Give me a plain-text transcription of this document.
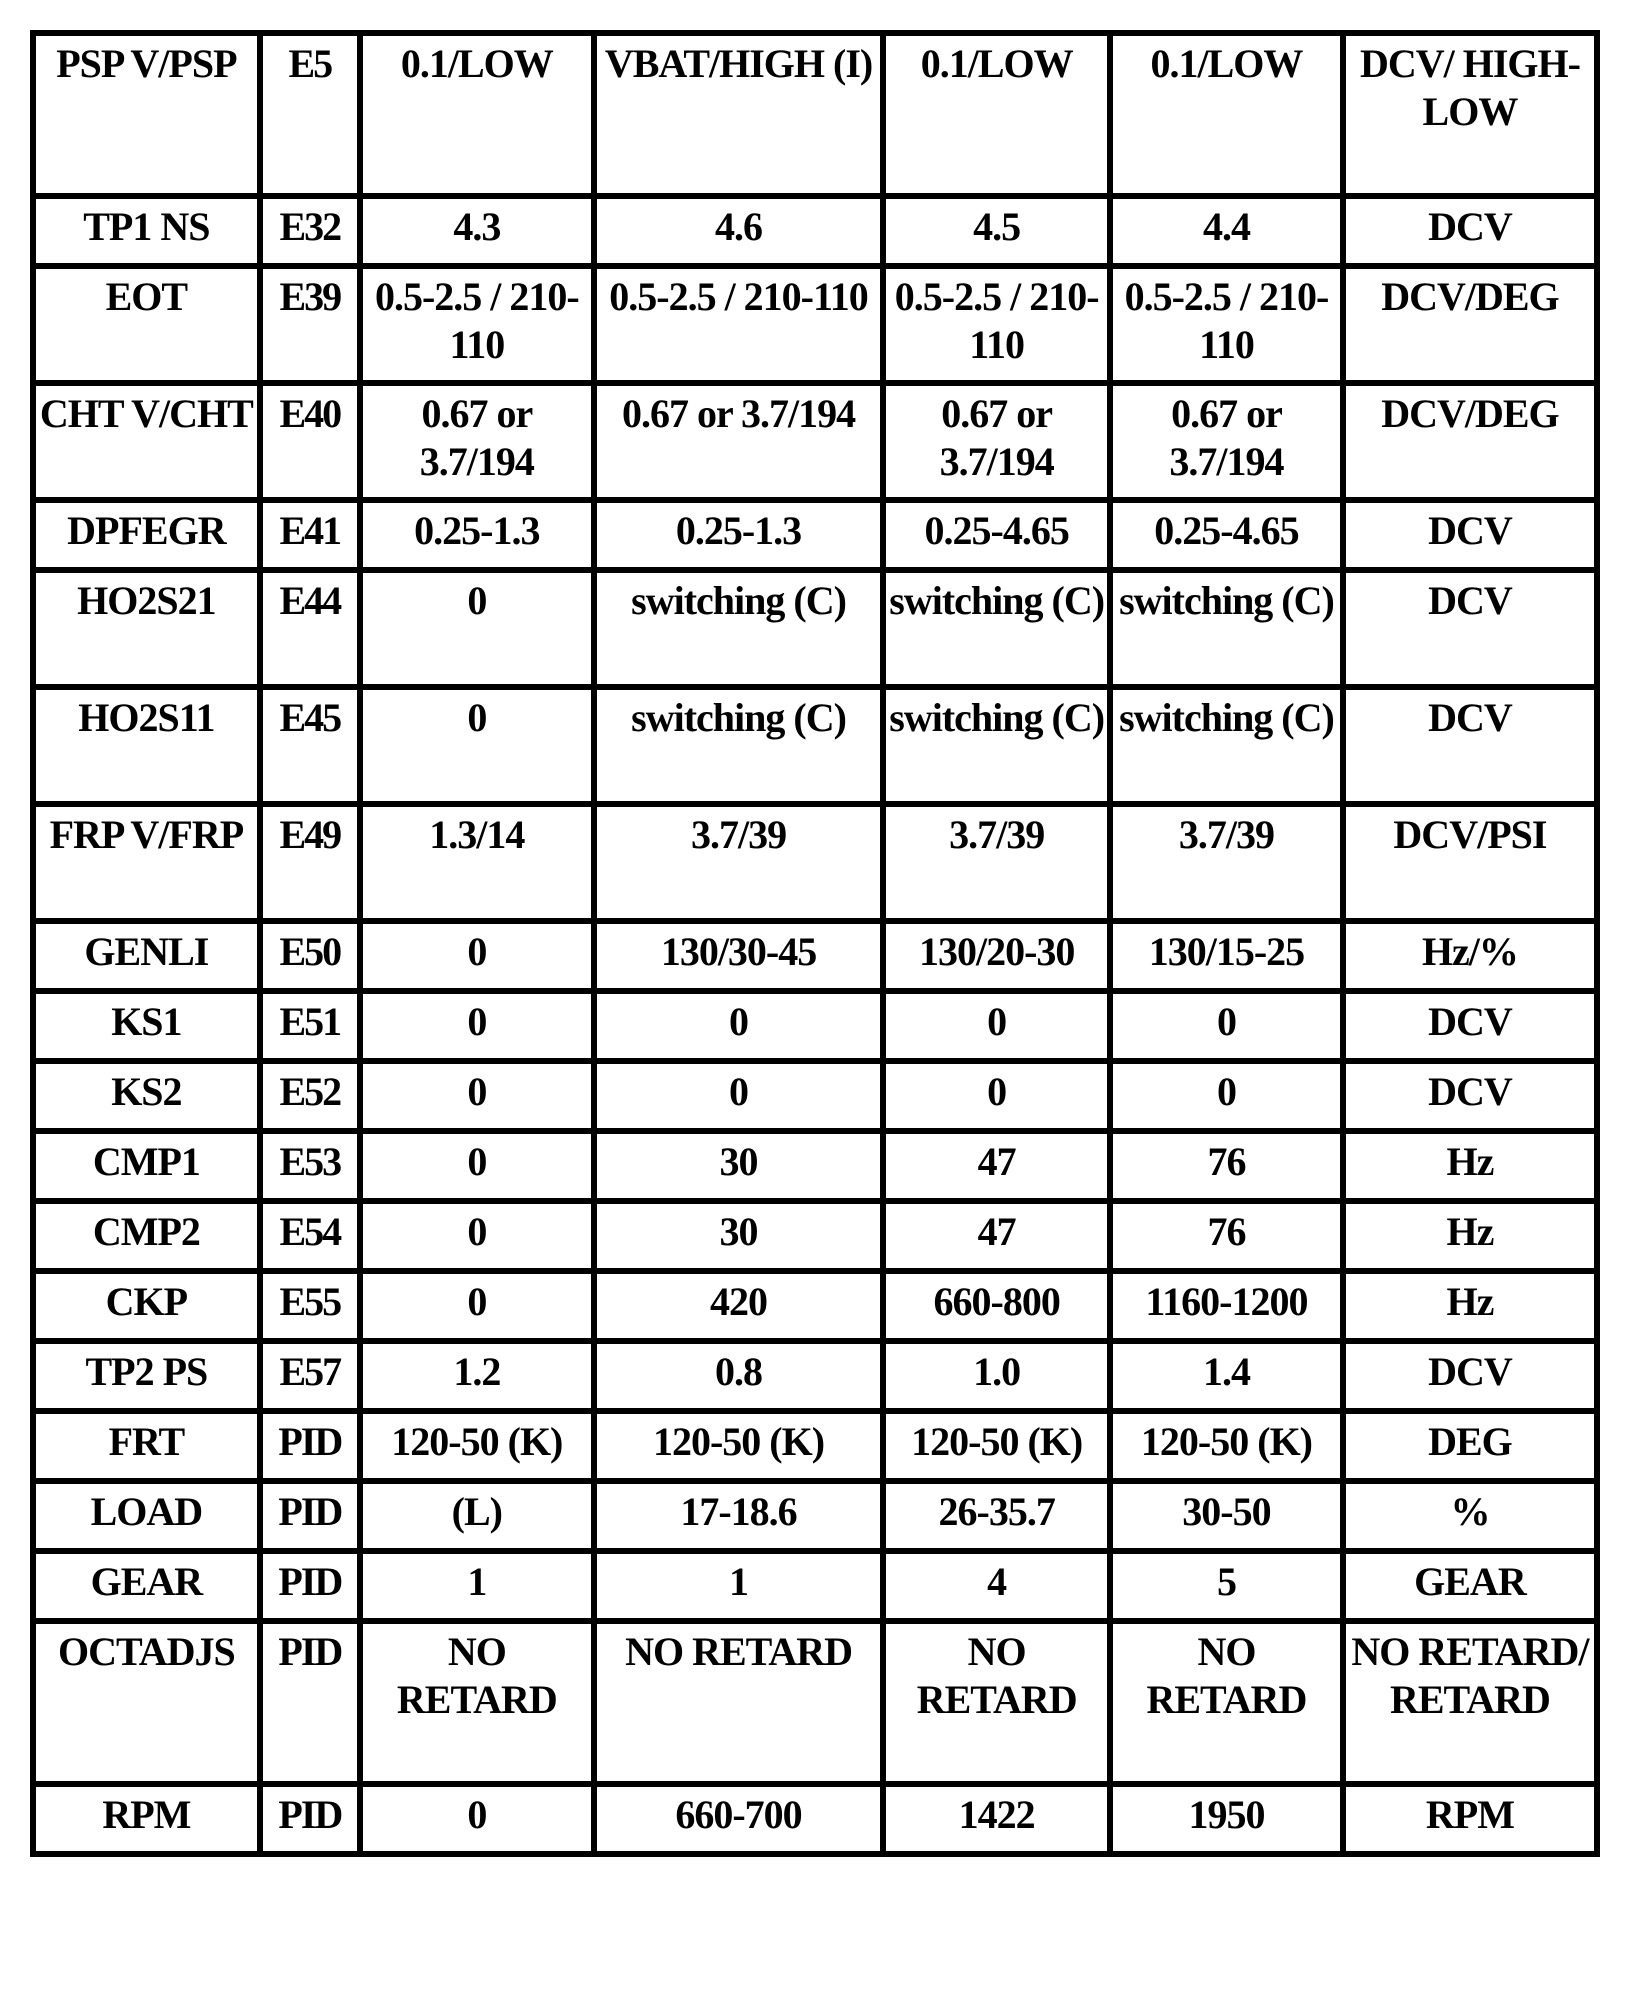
PSP V/PSP	E5	0.1/LOW	VBAT/HIGH (I)	0.1/LOW	0.1/LOW	DCV/ HIGH- LOW
TP1 NS	E32	4.3	4.6	4.5	4.4	DCV
EOT	E39	0.5-2.5 / 210-110	0.5-2.5 / 210-110	0.5-2.5 / 210-110	0.5-2.5 / 210-110	DCV/DEG
CHT V/CHT	E40	0.67 or 3.7/194	0.67 or 3.7/194	0.67 or 3.7/194	0.67 or 3.7/194	DCV/DEG
DPFEGR	E41	0.25-1.3	0.25-1.3	0.25-4.65	0.25-4.65	DCV
HO2S21	E44	0	switching (C)	switching (C)	switching (C)	DCV
HO2S11	E45	0	switching (C)	switching (C)	switching (C)	DCV
FRP V/FRP	E49	1.3/14	3.7/39	3.7/39	3.7/39	DCV/PSI
GENLI	E50	0	130/30-45	130/20-30	130/15-25	Hz/%
KS1	E51	0	0	0	0	DCV
KS2	E52	0	0	0	0	DCV
CMP1	E53	0	30	47	76	Hz
CMP2	E54	0	30	47	76	Hz
CKP	E55	0	420	660-800	1160-1200	Hz
TP2 PS	E57	1.2	0.8	1.0	1.4	DCV
FRT	PID	120-50 (K)	120-50 (K)	120-50 (K)	120-50 (K)	DEG
LOAD	PID	(L)	17-18.6	26-35.7	30-50	%
GEAR	PID	1	1	4	5	GEAR
OCTADJS	PID	NO RETARD	NO RETARD	NO RETARD	NO RETARD	NO RETARD/ RETARD
RPM	PID	0	660-700	1422	1950	RPM
